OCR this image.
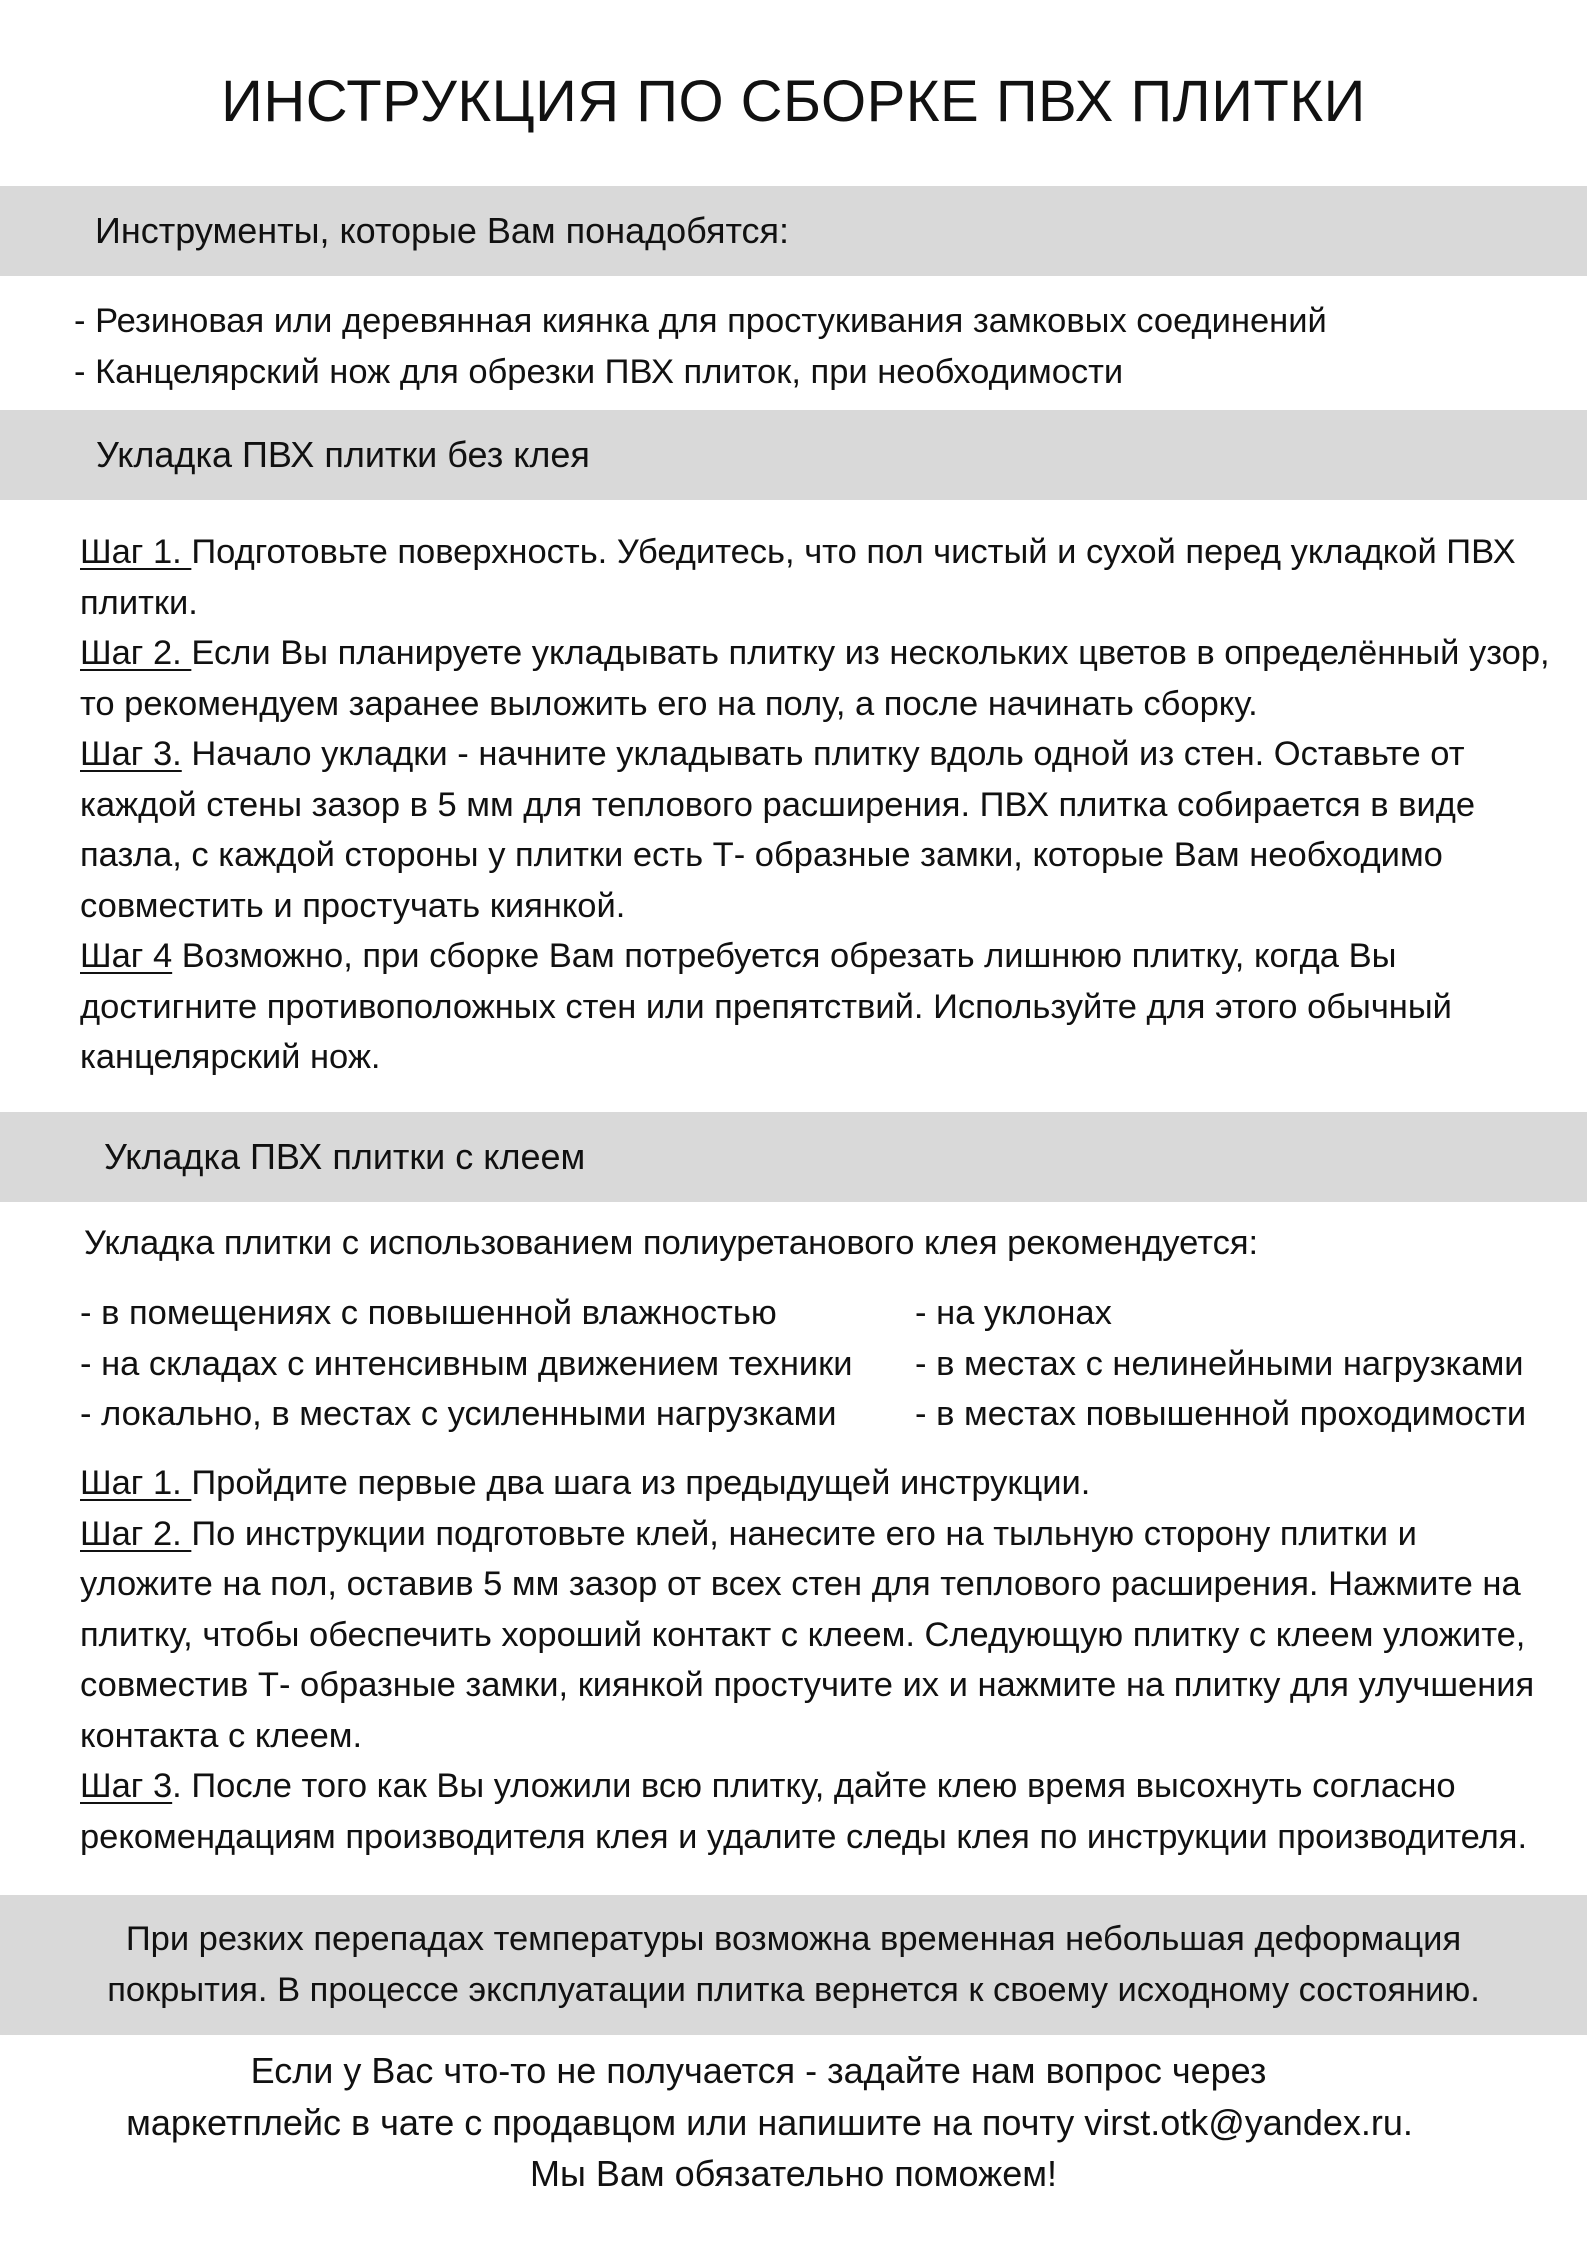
ИНСТРУКЦИЯ ПО СБОРКЕ ПВХ ПЛИТКИ
Инструменты, которые Вам понадобятся:
- Резиновая или деревянная киянка для простукивания замковых соединений
- Канцелярский нож для обрезки ПВХ плиток, при необходимости
Укладка ПВХ плитки без клея

Шаг 1. Подготовьте поверхность. Убедитесь, что пол чистый и сухой перед укладкой ПВХ плитки.

Шаг 2. Если Вы планируете укладывать плитку из нескольких цветов в определённый узор, то рекомендуем заранее выложить его на полу, а после начинать сборку.

Шаг 3. Начало укладки - начните укладывать плитку вдоль одной из стен. Оставьте от каждой стены зазор в 5 мм для теплового расширения. ПВХ плитка собирается в виде пазла, с каждой стороны у плитки есть Т- образные замки, которые Вам необходимо совместить и простучать киянкой.

Шаг 4 Возможно, при сборке Вам потребуется обрезать лишнюю плитку, когда Вы достигните противоположных стен или препятствий. Используйте для этого обычный канцелярский нож.

Укладка ПВХ плитки с клеем
Укладка плитки с использованием полиуретанового клея рекомендуется:
- в помещениях с повышенной влажностью
- на складах с интенсивным движением техники
- локально, в местах с усиленными нагрузками
- на уклонах
- в местах с нелинейными нагрузками
- в местах повышенной проходимости

Шаг 1. Пройдите первые два шага из предыдущей инструкции.

Шаг 2. По инструкции подготовьте клей, нанесите его на тыльную сторону плитки и уложите на пол, оставив 5 мм зазор от всех стен для теплового расширения. Нажмите на плитку, чтобы обеспечить хороший контакт с клеем. Следующую плитку с клеем уложите, совместив Т- образные замки, киянкой простучите их и нажмите на плитку для улучшения контакта с клеем.

Шаг 3. После того как Вы уложили всю плитку, дайте клею время высохнуть согласно рекомендациям производителя клея и удалите следы клея по инструкции производителя.

При резких перепадах температуры возможна временная небольшая деформация
покрытия. В процессе эксплуатации плитка вернется к своему исходному состоянию.
Если у Вас что-то не получается - задайте нам вопрос через
маркетплейс в чате с продавцом или напишите на почту virst.otk@yandex.ru.
Мы Вам обязательно поможем!
